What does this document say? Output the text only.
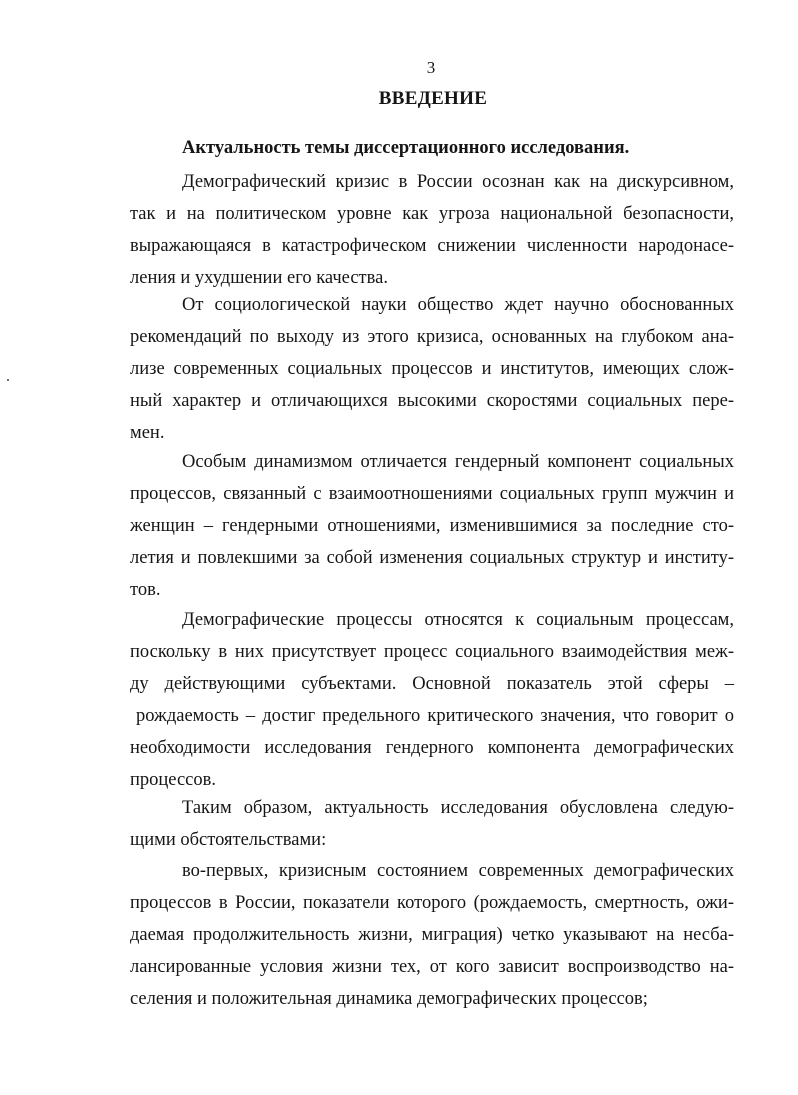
3
ВВЕДЕНИЕ
Актуальность темы диссертационного исследования.
Демографический кризис в России осознан как на дискурсивном,
так и на политическом уровне как угроза национальной безопасности,
выражающаяся в катастрофическом снижении численности народонасе-
ления и ухудшении его качества.
От социологической науки общество ждет научно обоснованных
рекомендаций по выходу из этого кризиса, основанных на глубоком ана-
лизе современных социальных процессов и институтов, имеющих слож-
ный характер и отличающихся высокими скоростями социальных пере-
мен.
Особым динамизмом отличается гендерный компонент социальных
процессов, связанный с взаимоотношениями социальных групп мужчин и
женщин – гендерными отношениями, изменившимися за последние сто-
летия и повлекшими за собой изменения социальных структур и институ-
тов.
Демографические процессы относятся к социальным процессам,
поскольку в них присутствует процесс социального взаимодействия меж-
ду действующими субъектами. Основной показатель этой сферы –
рождаемость – достиг предельного критического значения, что говорит о
необходимости исследования гендерного компонента демографических
процессов.
Таким образом, актуальность исследования обусловлена следую-
щими обстоятельствами:
во-первых, кризисным состоянием современных демографических
процессов в России, показатели которого (рождаемость, смертность, ожи-
даемая продолжительность жизни, миграция) четко указывают на несба-
лансированные условия жизни тех, от кого зависит воспроизводство на-
селения и положительная динамика демографических процессов;
